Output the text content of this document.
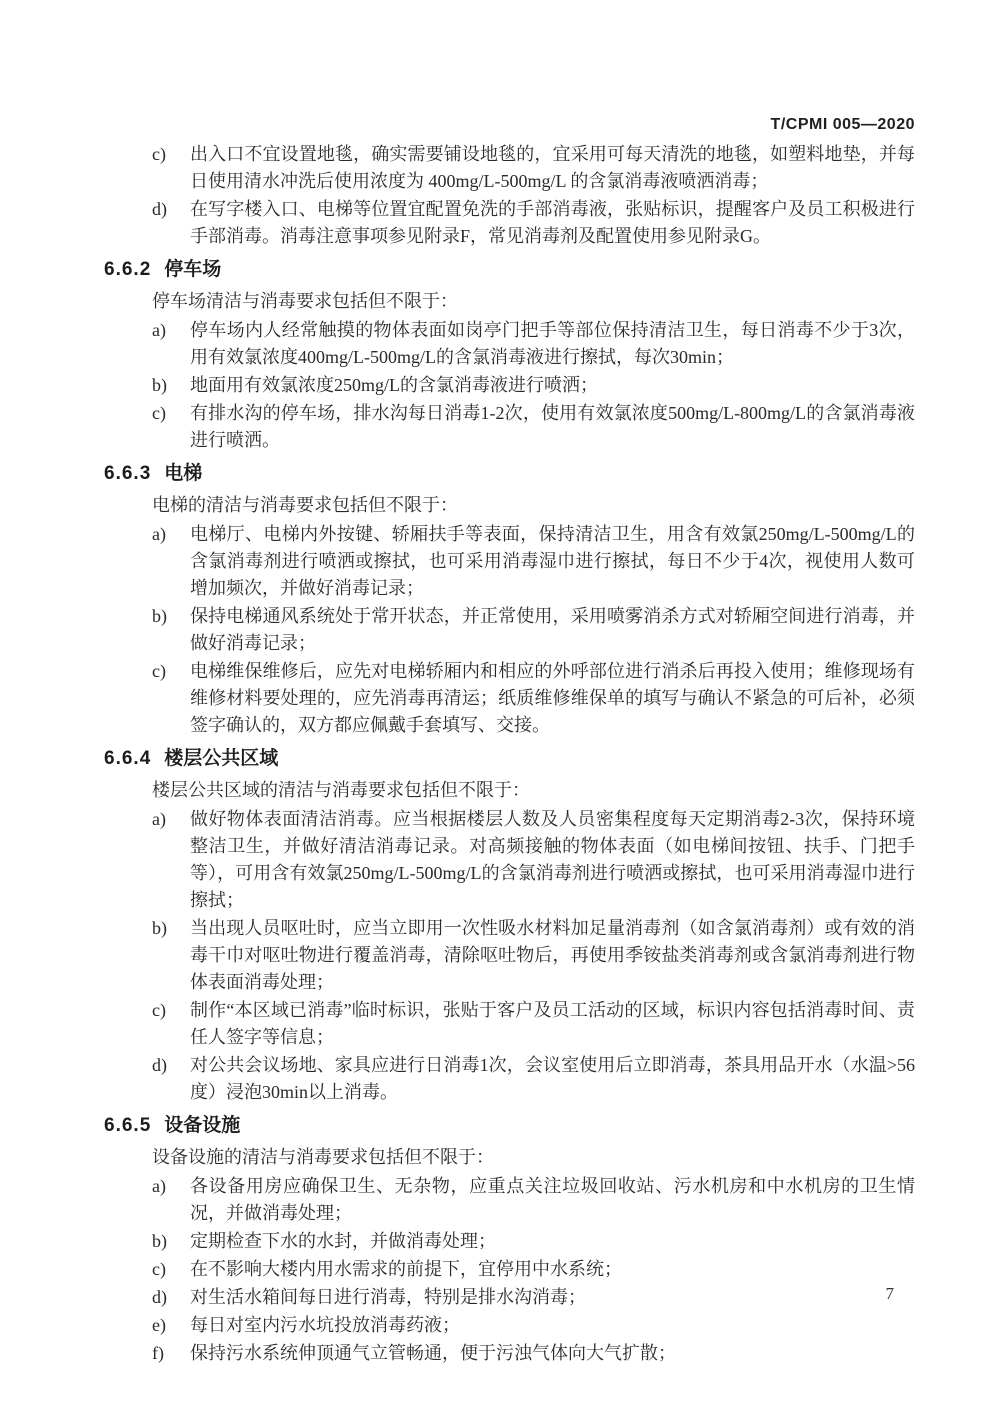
T/CPMI 005—2020
c) 出入口不宜设置地毯，确实需要铺设地毯的，宜采用可每天清洗的地毯，如塑料地垫，并每日使用清水冲洗后使用浓度为 400mg/L-500mg/L 的含氯消毒液喷洒消毒；
d) 在写字楼入口、电梯等位置宜配置免洗的手部消毒液，张贴标识，提醒客户及员工积极进行手部消毒。消毒注意事项参见附录F，常见消毒剂及配置使用参见附录G。
6.6.2 停车场

停车场清洁与消毒要求包括但不限于：

a) 停车场内人经常触摸的物体表面如岗亭门把手等部位保持清洁卫生，每日消毒不少于3次，用有效氯浓度400mg/L-500mg/L的含氯消毒液进行擦拭，每次30min；
b) 地面用有效氯浓度250mg/L的含氯消毒液进行喷洒；
c) 有排水沟的停车场，排水沟每日消毒1-2次，使用有效氯浓度500mg/L-800mg/L的含氯消毒液进行喷洒。
6.6.3 电梯

电梯的清洁与消毒要求包括但不限于：

a) 电梯厅、电梯内外按键、轿厢扶手等表面，保持清洁卫生，用含有效氯250mg/L-500mg/L的含氯消毒剂进行喷洒或擦拭，也可采用消毒湿巾进行擦拭，每日不少于4次，视使用人数可增加频次，并做好消毒记录；
b) 保持电梯通风系统处于常开状态，并正常使用，采用喷雾消杀方式对轿厢空间进行消毒，并做好消毒记录；
c) 电梯维保维修后，应先对电梯轿厢内和相应的外呼部位进行消杀后再投入使用；维修现场有维修材料要处理的，应先消毒再清运；纸质维修维保单的填写与确认不紧急的可后补，必须签字确认的，双方都应佩戴手套填写、交接。
6.6.4 楼层公共区域

楼层公共区域的清洁与消毒要求包括但不限于：

a) 做好物体表面清洁消毒。应当根据楼层人数及人员密集程度每天定期消毒2-3次，保持环境整洁卫生，并做好清洁消毒记录。对高频接触的物体表面（如电梯间按钮、扶手、门把手等），可用含有效氯250mg/L-500mg/L的含氯消毒剂进行喷洒或擦拭，也可采用消毒湿巾进行擦拭；
b) 当出现人员呕吐时，应当立即用一次性吸水材料加足量消毒剂（如含氯消毒剂）或有效的消毒干巾对呕吐物进行覆盖消毒，清除呕吐物后，再使用季铵盐类消毒剂或含氯消毒剂进行物体表面消毒处理；
c) 制作“本区域已消毒”临时标识，张贴于客户及员工活动的区域，标识内容包括消毒时间、责任人签字等信息；
d) 对公共会议场地、家具应进行日消毒1次，会议室使用后立即消毒，茶具用品开水（水温>56度）浸泡30min以上消毒。
6.6.5 设备设施

设备设施的清洁与消毒要求包括但不限于：

a) 各设备用房应确保卫生、无杂物，应重点关注垃圾回收站、污水机房和中水机房的卫生情况，并做消毒处理；
b) 定期检查下水的水封，并做消毒处理；
c) 在不影响大楼内用水需求的前提下，宜停用中水系统；
d) 对生活水箱间每日进行消毒，特别是排水沟消毒；
e) 每日对室内污水坑投放消毒药液；
f) 保持污水系统伸顶通气立管畅通，便于污浊气体向大气扩散；
7
